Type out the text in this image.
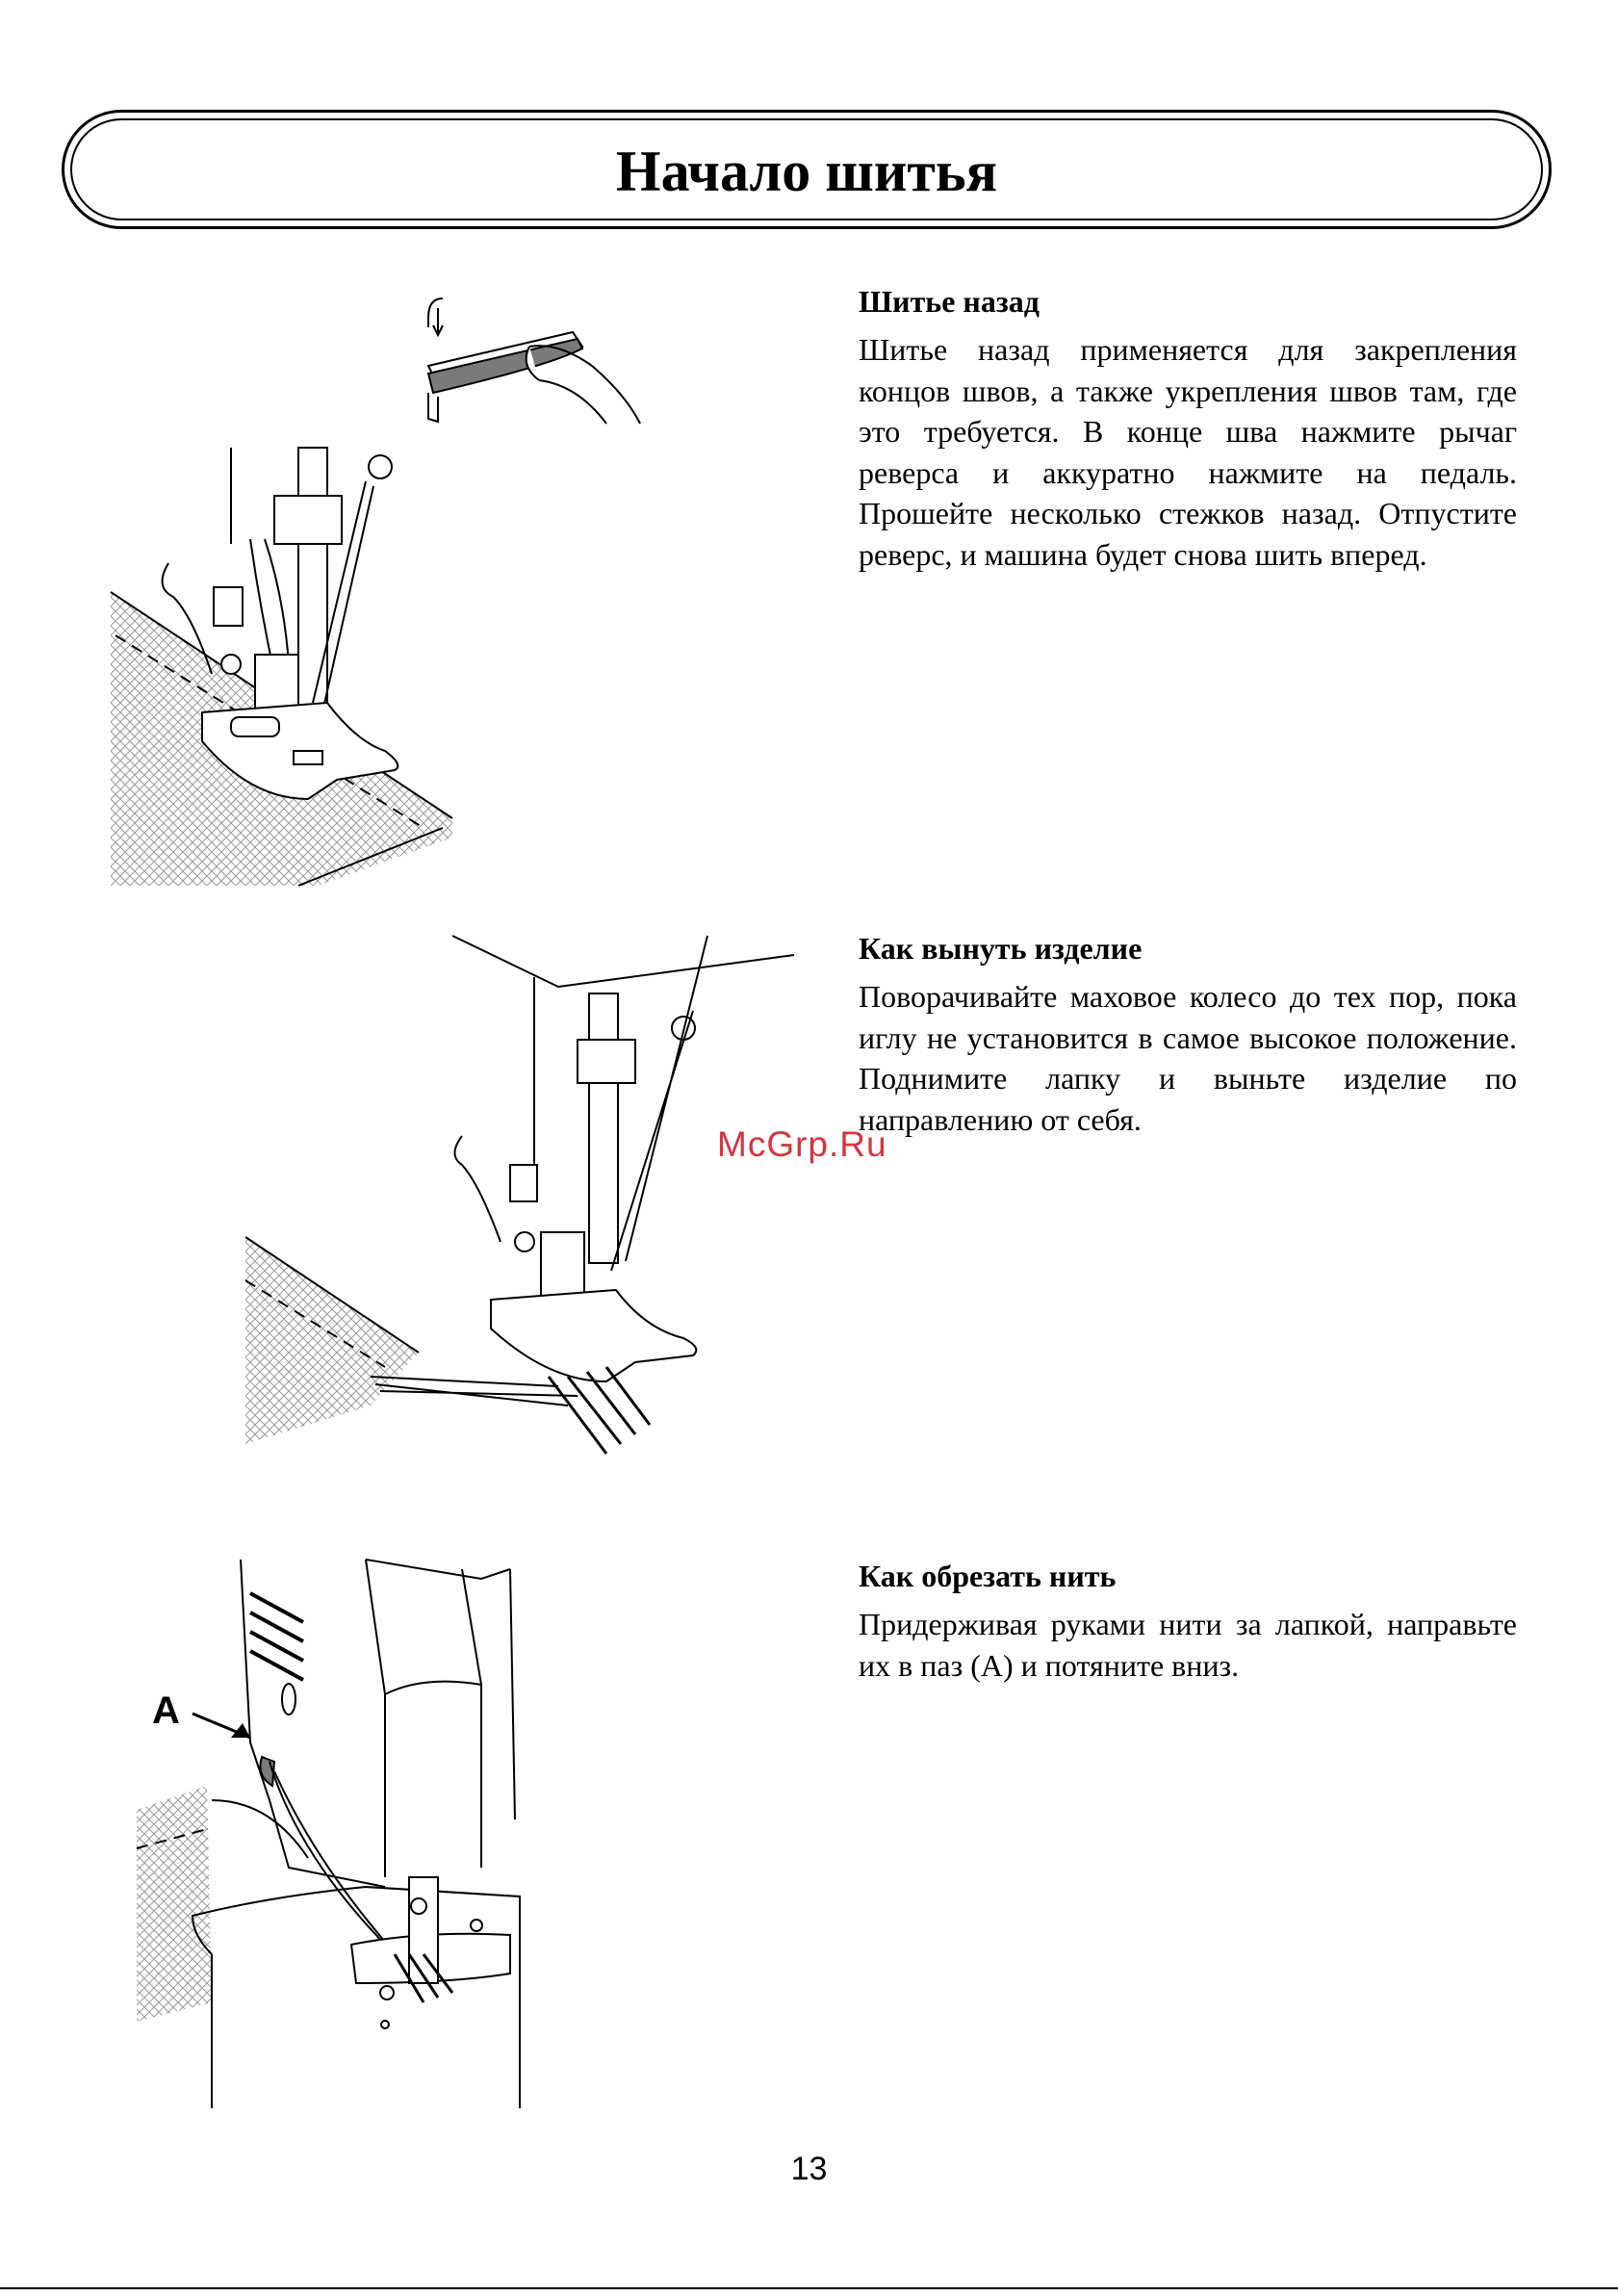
Начало шитья
Шитье назад

Шитье назад применяется для закрепления концов швов, а также укрепления швов там, где это требуется. В конце шва нажмите рычаг реверса и аккуратно нажмите на педаль. Прошейте несколько стежков назад. Отпустите реверс, и машина будет снова шить вперед.

Как вынуть изделие

Поворачивайте маховое колесо до тех пор, пока иглу не установится в самое высокое положение. Поднимите лапку и выньте изделие по направлению от себя.

Как обрезать нить

Придерживая руками нити за лапкой, направьте их в паз (А) и потяните вниз.

A
McGrp.Ru
13
